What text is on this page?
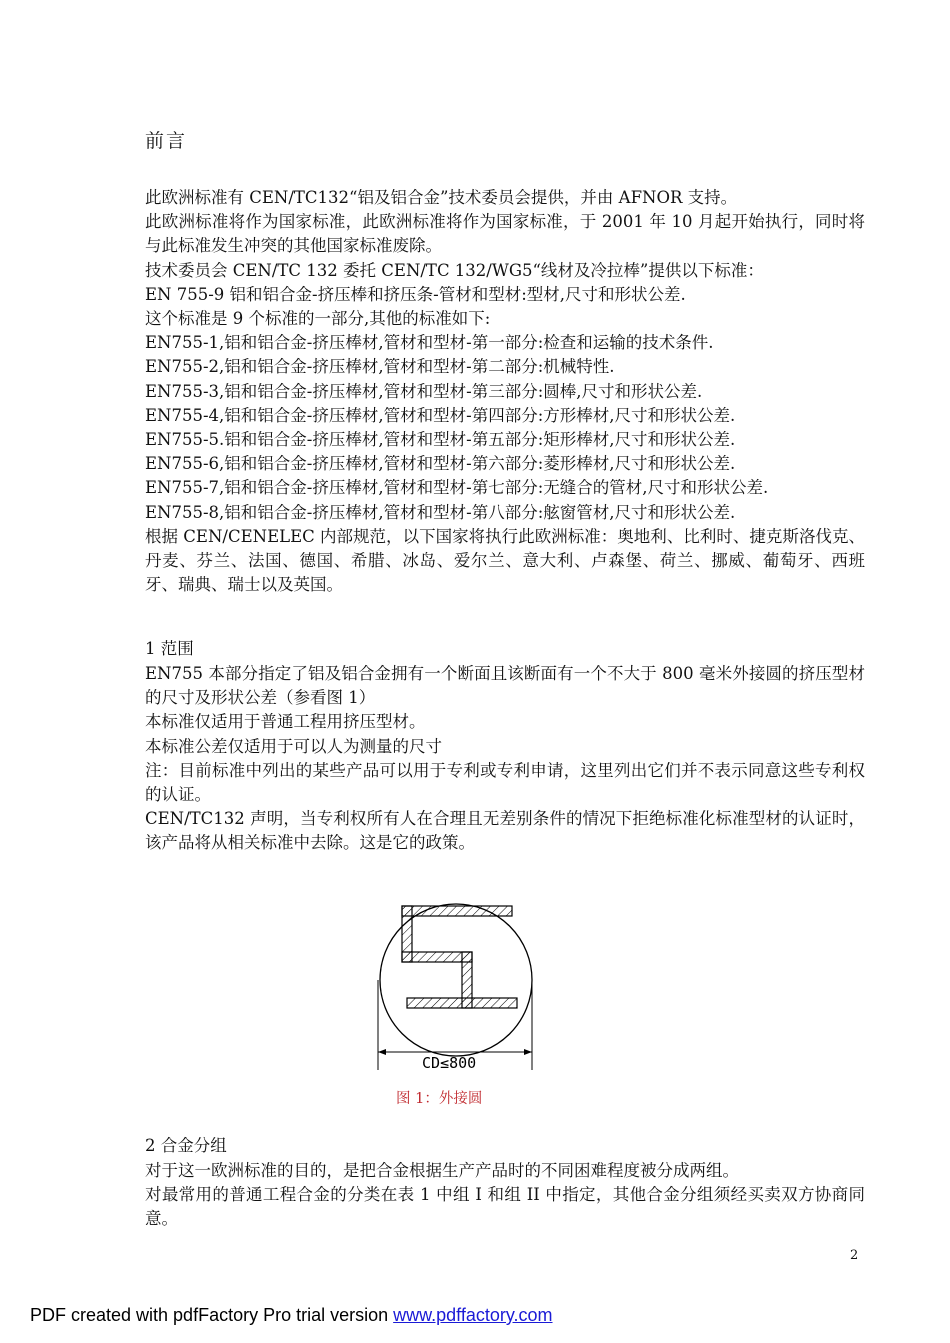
前言

此欧洲标准有 CEN/TC132“铝及铝合金”技术委员会提供，并由 AFNOR 支持。

此欧洲标准将作为国家标准，此欧洲标准将作为国家标准，于 2001 年 10 月起开始执行，同时将与此标准发生冲突的其他国家标准废除。

技术委员会 CEN/TC 132 委托 CEN/TC 132/WG5“线材及冷拉棒”提供以下标准：

EN 755-9 铝和铝合金-挤压棒和挤压条-管材和型材:型材,尺寸和形状公差.

这个标准是 9 个标准的一部分,其他的标准如下:

EN755-1,铝和铝合金-挤压棒材,管材和型材-第一部分:检查和运输的技术条件.

EN755-2,铝和铝合金-挤压棒材,管材和型材-第二部分:机械特性.

EN755-3,铝和铝合金-挤压棒材,管材和型材-第三部分:圆棒,尺寸和形状公差.

EN755-4,铝和铝合金-挤压棒材,管材和型材-第四部分:方形棒材,尺寸和形状公差.

EN755-5.铝和铝合金-挤压棒材,管材和型材-第五部分:矩形棒材,尺寸和形状公差.

EN755-6,铝和铝合金-挤压棒材,管材和型材-第六部分:菱形棒材,尺寸和形状公差.

EN755-7,铝和铝合金-挤压棒材,管材和型材-第七部分:无缝合的管材,尺寸和形状公差.

EN755-8,铝和铝合金-挤压棒材,管材和型材-第八部分:舷窗管材,尺寸和形状公差.

根据 CEN/CENELEC 内部规范，以下国家将执行此欧洲标准：奥地利、比利时、捷克斯洛伐克、丹麦、芬兰、法国、德国、希腊、冰岛、爱尔兰、意大利、卢森堡、荷兰、挪威、葡萄牙、西班牙、瑞典、瑞士以及英国。

1 范围

EN755 本部分指定了铝及铝合金拥有一个断面且该断面有一个不大于 800 毫米外接圆的挤压型材的尺寸及形状公差（参看图 1）

本标准仅适用于普通工程用挤压型材。

本标准公差仅适用于可以人为测量的尺寸

注：目前标准中列出的某些产品可以用于专利或专利申请，这里列出它们并不表示同意这些专利权的认证。

CEN/TC132 声明，当专利权所有人在合理且无差别条件的情况下拒绝标准化标准型材的认证时，该产品将从相关标准中去除。这是它的政策。

CD≤800
图 1：外接圆

2 合金分组

对于这一欧洲标准的目的，是把合金根据生产产品时的不同困难程度被分成两组。

对最常用的普通工程合金的分类在表 1 中组 I 和组 II 中指定，其他合金分组须经买卖双方协商同意。

2
PDF created with pdfFactory Pro trial version www.pdffactory.com
